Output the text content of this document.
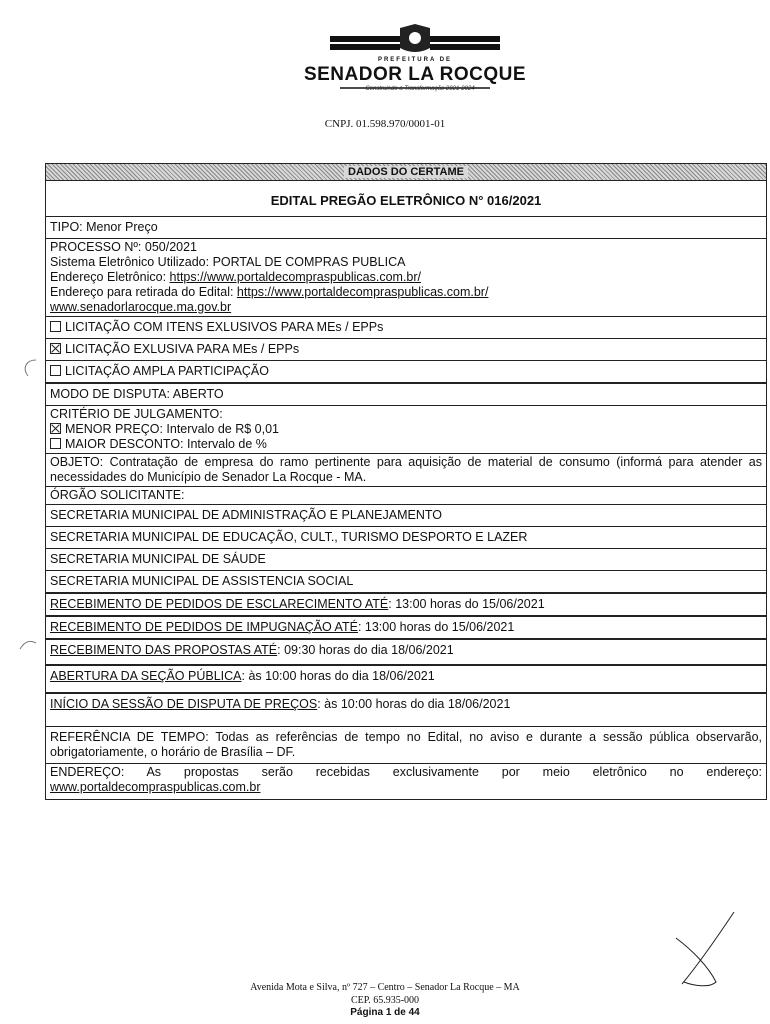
PREFEITURA DE
SENADOR LA ROCQUE
Construindo a Transformação 2021-2024
CNPJ. 01.598.970/0001-01
DADOS DO CERTAME
EDITAL PREGÃO ELETRÔNICO N° 016/2021
TIPO: Menor Preço
PROCESSO Nº: 050/2021
Sistema Eletrônico Utilizado: PORTAL DE COMPRAS PUBLICA
Endereço Eletrônico: https://www.portaldecompraspublicas.com.br/
Endereço para retirada do Edital: https://www.portaldecompraspublicas.com.br/
www.senadorlarocque.ma.gov.br
LICITAÇÃO COM ITENS EXLUSIVOS PARA MEs / EPPs
LICITAÇÃO EXLUSIVA PARA MEs / EPPs
LICITAÇÃO AMPLA PARTICIPAÇÃO
MODO DE DISPUTA: ABERTO
CRITÉRIO DE JULGAMENTO:
MENOR PREÇO: Intervalo de R$ 0,01
MAIOR DESCONTO: Intervalo de %
OBJETO: Contratação de empresa do ramo pertinente para aquisição de material de consumo (informá para atender as necessidades do Município de Senador La Rocque - MA.
ÓRGÃO SOLICITANTE:
SECRETARIA MUNICIPAL DE ADMINISTRAÇÃO E PLANEJAMENTO
SECRETARIA MUNICIPAL DE EDUCAÇÃO, CULT., TURISMO DESPORTO E LAZER
SECRETARIA MUNICIPAL DE SÁUDE
SECRETARIA MUNICIPAL DE ASSISTENCIA SOCIAL
RECEBIMENTO DE PEDIDOS DE ESCLARECIMENTO ATÉ: 13:00 horas do 15/06/2021
RECEBIMENTO DE PEDIDOS DE IMPUGNAÇÃO ATÉ: 13:00 horas do 15/06/2021
RECEBIMENTO DAS PROPOSTAS ATÉ: 09:30 horas do dia 18/06/2021
ABERTURA DA SEÇÃO PÚBLICA: às 10:00 horas do dia 18/06/2021
INÍCIO DA SESSÃO DE DISPUTA DE PREÇOS: às 10:00 horas do dia 18/06/2021
REFERÊNCIA DE TEMPO: Todas as referências de tempo no Edital, no aviso e durante a sessão pública observarão, obrigatoriamente, o horário de Brasília – DF.
ENDEREÇO: As propostas serão recebidas exclusivamente por meio eletrônico no endereço:
www.portaldecompraspublicas.com.br
Avenida Mota e Silva, nº 727 – Centro – Senador La Rocque – MA
CEP. 65.935-000
Página 1 de 44
